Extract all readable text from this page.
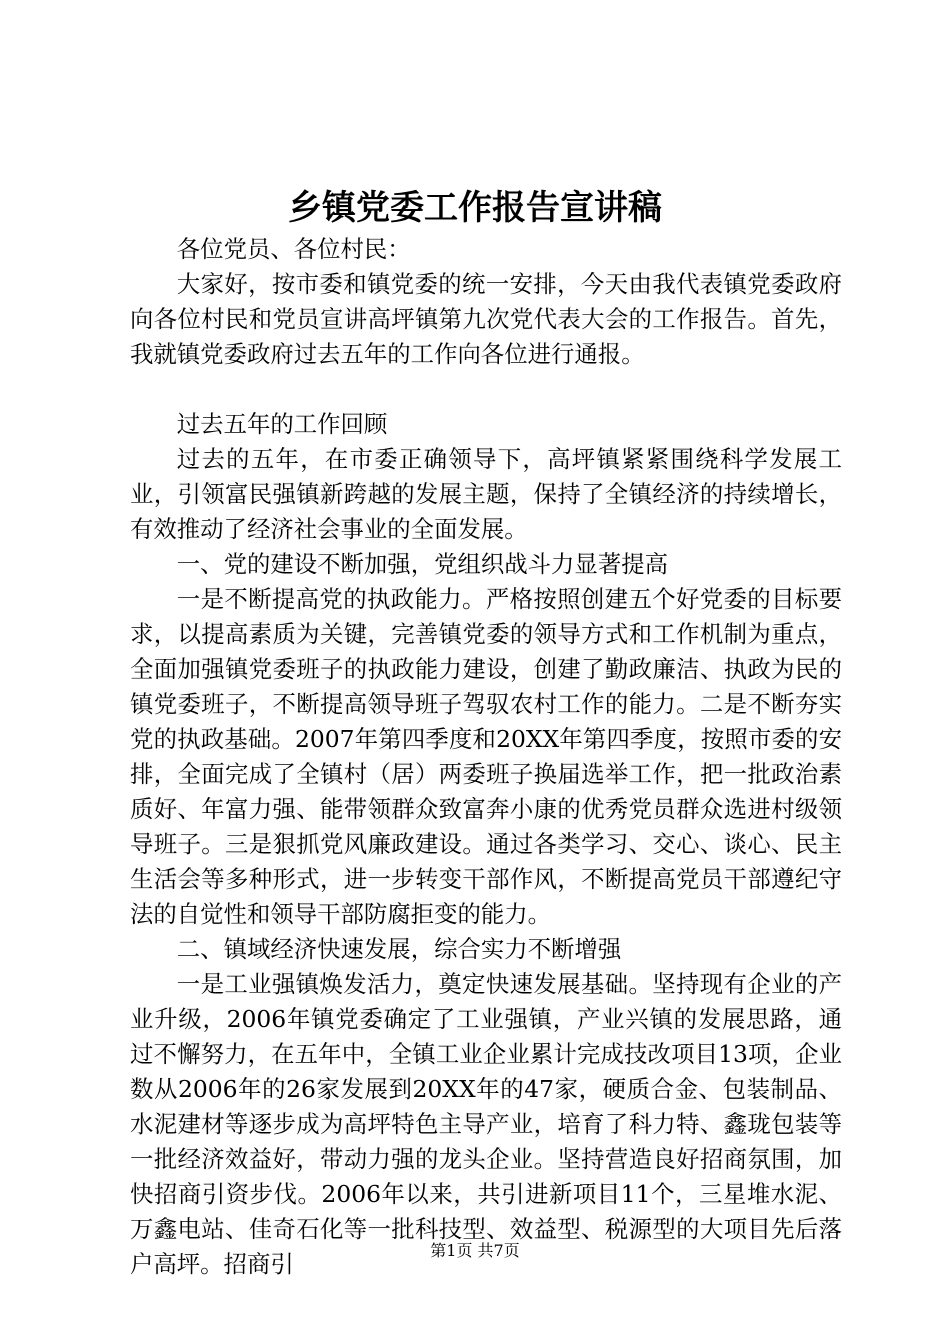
乡镇党委工作报告宣讲稿

各位党员、各位村民：

大家好，按市委和镇党委的统一安排，今天由我代表镇党委政府向各位村民和党员宣讲高坪镇第九次党代表大会的工作报告。首先，我就镇党委政府过去五年的工作向各位进行通报。

过去五年的工作回顾

过去的五年，在市委正确领导下，高坪镇紧紧围绕科学发展工业，引领富民强镇新跨越的发展主题，保持了全镇经济的持续增长，有效推动了经济社会事业的全面发展。

一、党的建设不断加强，党组织战斗力显著提高

一是不断提高党的执政能力。严格按照创建五个好党委的目标要求，以提高素质为关键，完善镇党委的领导方式和工作机制为重点，全面加强镇党委班子的执政能力建设，创建了勤政廉洁、执政为民的镇党委班子，不断提高领导班子驾驭农村工作的能力。二是不断夯实党的执政基础。2007年第四季度和20XX年第四季度，按照市委的安排，全面完成了全镇村（居）两委班子换届选举工作，把一批政治素质好、年富力强、能带领群众致富奔小康的优秀党员群众选进村级领导班子。三是狠抓党风廉政建设。通过各类学习、交心、谈心、民主生活会等多种形式，进一步转变干部作风，不断提高党员干部遵纪守法的自觉性和领导干部防腐拒变的能力。

二、镇域经济快速发展，综合实力不断增强

一是工业强镇焕发活力，奠定快速发展基础。坚持现有企业的产业升级，2006年镇党委确定了工业强镇，产业兴镇的发展思路，通过不懈努力，在五年中，全镇工业企业累计完成技改项目13项，企业数从2006年的26家发展到20XX年的47家，硬质合金、包装制品、水泥建材等逐步成为高坪特色主导产业，培育了科力特、鑫珑包装等一批经济效益好，带动力强的龙头企业。坚持营造良好招商氛围，加快招商引资步伐。2006年以来，共引进新项目11个，三星堆水泥、万鑫电站、佳奇石化等一批科技型、效益型、税源型的大项目先后落户高坪。招商引	第1页 共7页
